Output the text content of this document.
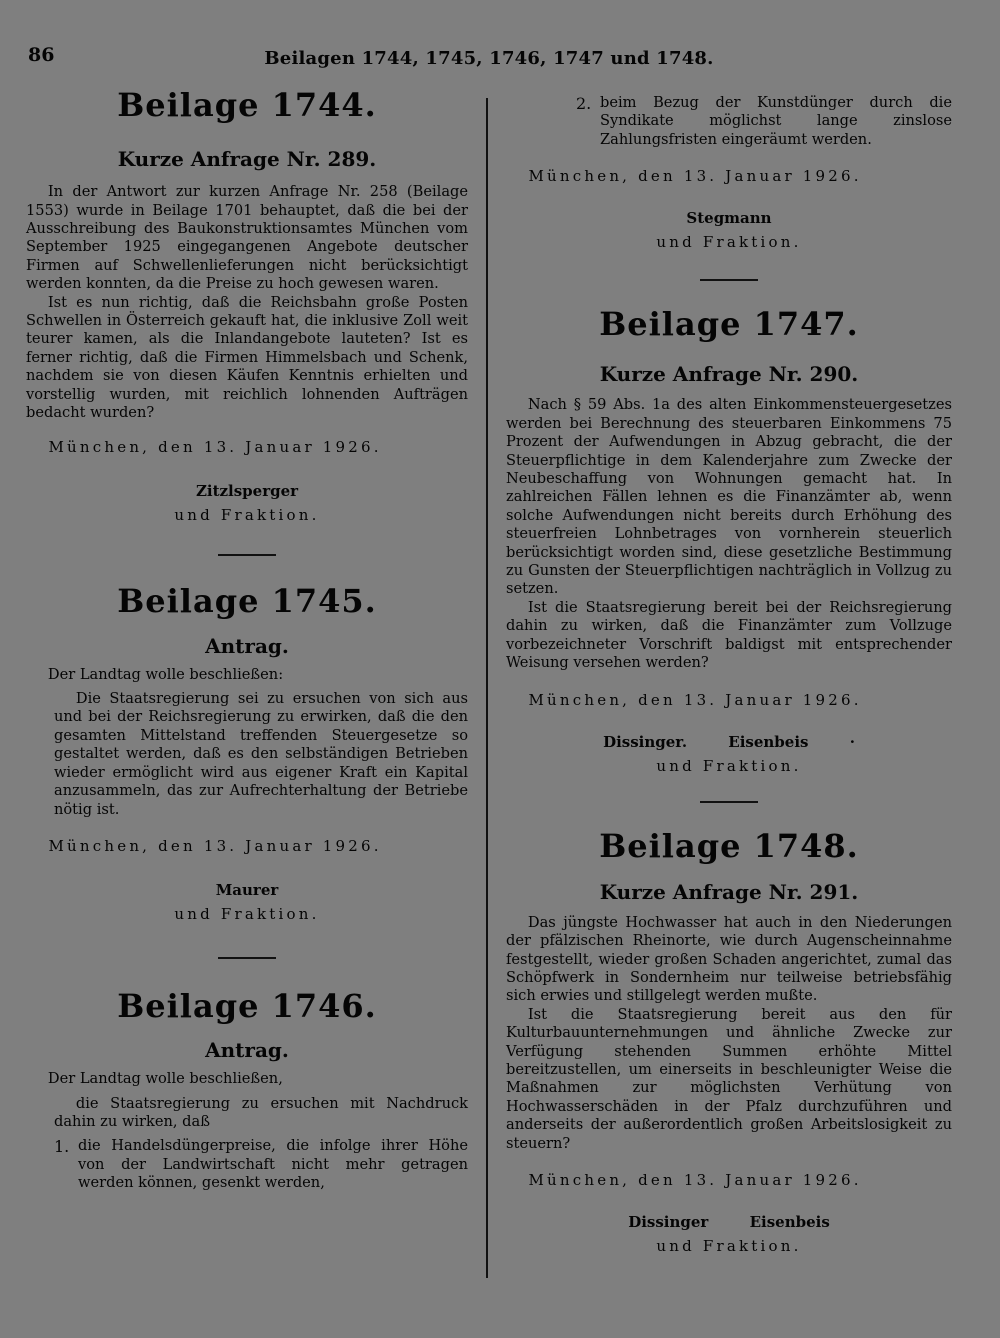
86	Beilagen 1744, 1745, 1746, 1747 und 1748.
Beilage 1744.
Kurze Anfrage Nr. 289.

In der Antwort zur kurzen Anfrage Nr. 258 (Beilage 1553) wurde in Beilage 1701 behauptet, daß die bei der Ausschreibung des Baukonstruktionsamtes München vom September 1925 eingegangenen Angebote deutscher Firmen auf Schwellenlieferungen nicht berücksichtigt werden konnten, da die Preise zu hoch gewesen waren.

Ist es nun richtig, daß die Reichsbahn große Posten Schwellen in Österreich gekauft hat, die inklusive Zoll weit teurer kamen, als die Inlandangebote lauteten? Ist es ferner richtig, daß die Firmen Himmelsbach und Schenk, nachdem sie von diesen Käufen Kenntnis erhielten und vorstellig wurden, mit reichlich lohnenden Aufträgen bedacht wurden?

München, den 13. Januar 1926.

Zitzlsperger

und Fraktion.

Beilage 1745.
Antrag.

Der Landtag wolle beschließen:

Die Staatsregierung sei zu ersuchen von sich aus und bei der Reichsregierung zu erwirken, daß die den gesamten Mittelstand treffenden Steuergesetze so gestaltet werden, daß es den selbständigen Betrieben wieder ermöglicht wird aus eigener Kraft ein Kapital anzusammeln, das zur Aufrechterhaltung der Betriebe nötig ist.

München, den 13. Januar 1926.

Maurer

und Fraktion.

Beilage 1746.
Antrag.

Der Landtag wolle beschließen,

die Staatsregierung zu ersuchen mit Nachdruck dahin zu wirken, daß

1. die Handelsdüngerpreise, die infolge ihrer Höhe von der Landwirtschaft nicht mehr getragen werden können, gesenkt werden,
2. beim Bezug der Kunstdünger durch die Syndikate möglichst lange zinslose Zahlungsfristen eingeräumt werden.

München, den 13. Januar 1926.

Stegmann

und Fraktion.

Beilage 1747.
Kurze Anfrage Nr. 290.

Nach § 59 Abs. 1a des alten Einkommensteuergesetzes werden bei Berechnung des steuerbaren Einkommens 75 Prozent der Aufwendungen in Abzug gebracht, die der Steuerpflichtige in dem Kalenderjahre zum Zwecke der Neubeschaffung von Wohnungen gemacht hat. In zahlreichen Fällen lehnen es die Finanzämter ab, wenn solche Aufwendungen nicht bereits durch Erhöhung des steuerfreien Lohnbetrages von vornherein steuerlich berücksichtigt worden sind, diese gesetzliche Bestimmung zu Gunsten der Steuerpflichtigen nachträglich in Vollzug zu setzen.

Ist die Staatsregierung bereit bei der Reichsregierung dahin zu wirken, daß die Finanzämter zum Vollzuge vorbezeichneter Vorschrift baldigst mit entsprechender Weisung versehen werden?

München, den 13. Januar 1926.

Dissinger.	Eisenbeis ·

und Fraktion.

Beilage 1748.
Kurze Anfrage Nr. 291.

Das jüngste Hochwasser hat auch in den Niederungen der pfälzischen Rheinorte, wie durch Augenscheinnahme festgestellt, wieder großen Schaden angerichtet, zumal das Schöpfwerk in Sondernheim nur teilweise betriebsfähig sich erwies und stillgelegt werden mußte.

Ist die Staatsregierung bereit aus den für Kulturbauunternehmungen und ähnliche Zwecke zur Verfügung stehenden Summen erhöhte Mittel bereitzustellen, um einerseits in beschleunigter Weise die Maßnahmen zur möglichsten Verhütung von Hochwasserschäden in der Pfalz durchzuführen und anderseits der außerordentlich großen Arbeitslosigkeit zu steuern?

München, den 13. Januar 1926.

Dissinger	Eisenbeis

und Fraktion.
